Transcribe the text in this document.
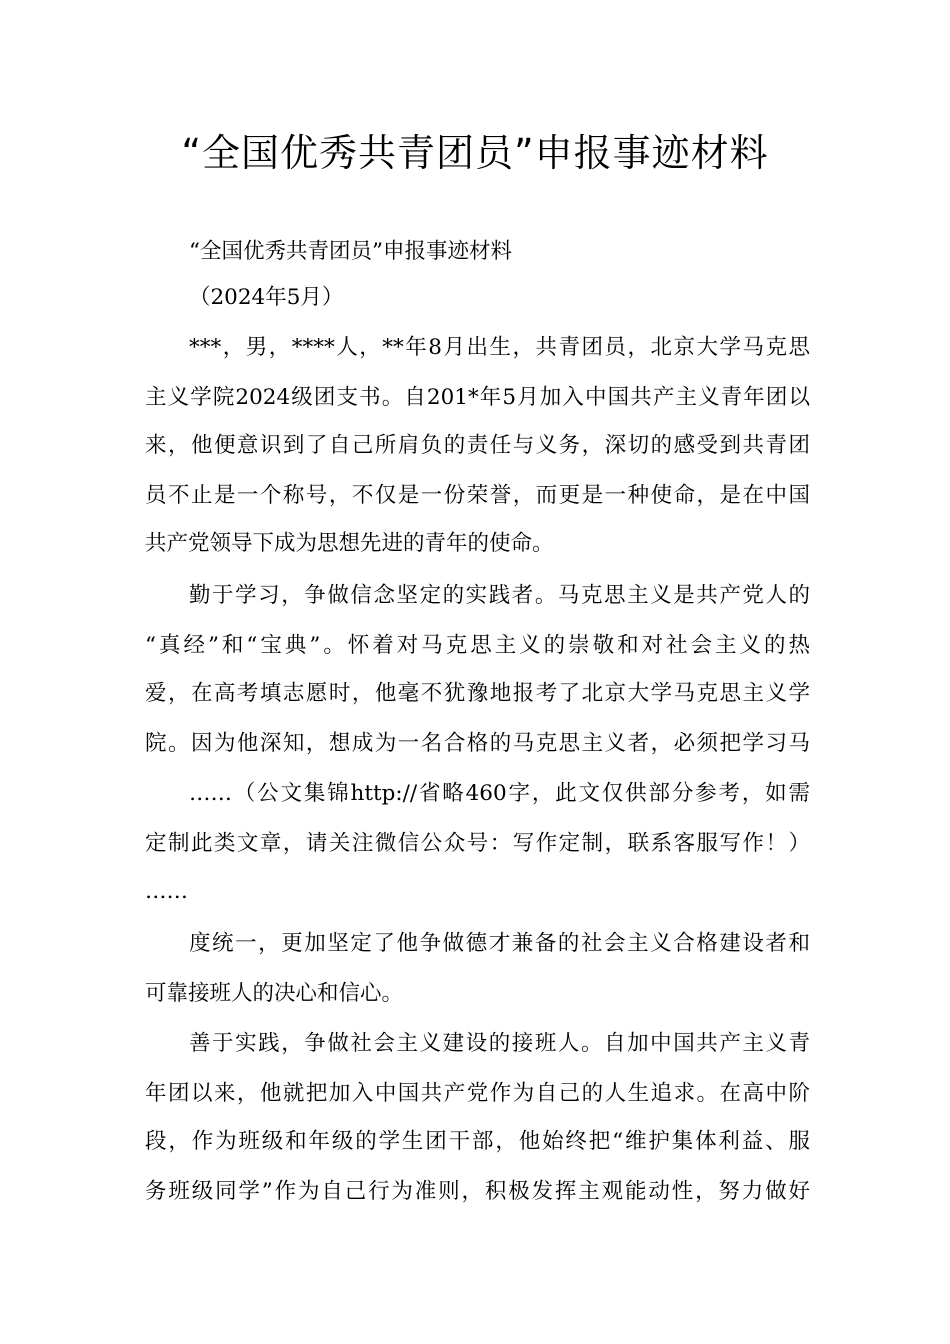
“全国优秀共青团员”申报事迹材料
“全国优秀共青团员”申报事迹材料
（2024年5月）
***，男，****人，**年8月出生，共青团员，北京大学马克思
主义学院2024级团支书。自201*年5月加入中国共产主义青年团以
来，他便意识到了自己所肩负的责任与义务，深切的感受到共青团
员不止是一个称号，不仅是一份荣誉，而更是一种使命，是在中国
共产党领导下成为思想先进的青年的使命。
勤于学习，争做信念坚定的实践者。马克思主义是共产党人的
“真经”和“宝典”。怀着对马克思主义的崇敬和对社会主义的热
爱，在高考填志愿时，他毫不犹豫地报考了北京大学马克思主义学
院。因为他深知，想成为一名合格的马克思主义者，必须把学习马
……（公文集锦http://省略460字，此文仅供部分参考，如需
定制此类文章，请关注微信公众号：写作定制，联系客服写作！）
……
度统一，更加坚定了他争做德才兼备的社会主义合格建设者和
可靠接班人的决心和信心。
善于实践，争做社会主义建设的接班人。自加中国共产主义青
年团以来，他就把加入中国共产党作为自己的人生追求。在高中阶
段，作为班级和年级的学生团干部，他始终把“维护集体利益、服
务班级同学”作为自己行为准则，积极发挥主观能动性，努力做好
